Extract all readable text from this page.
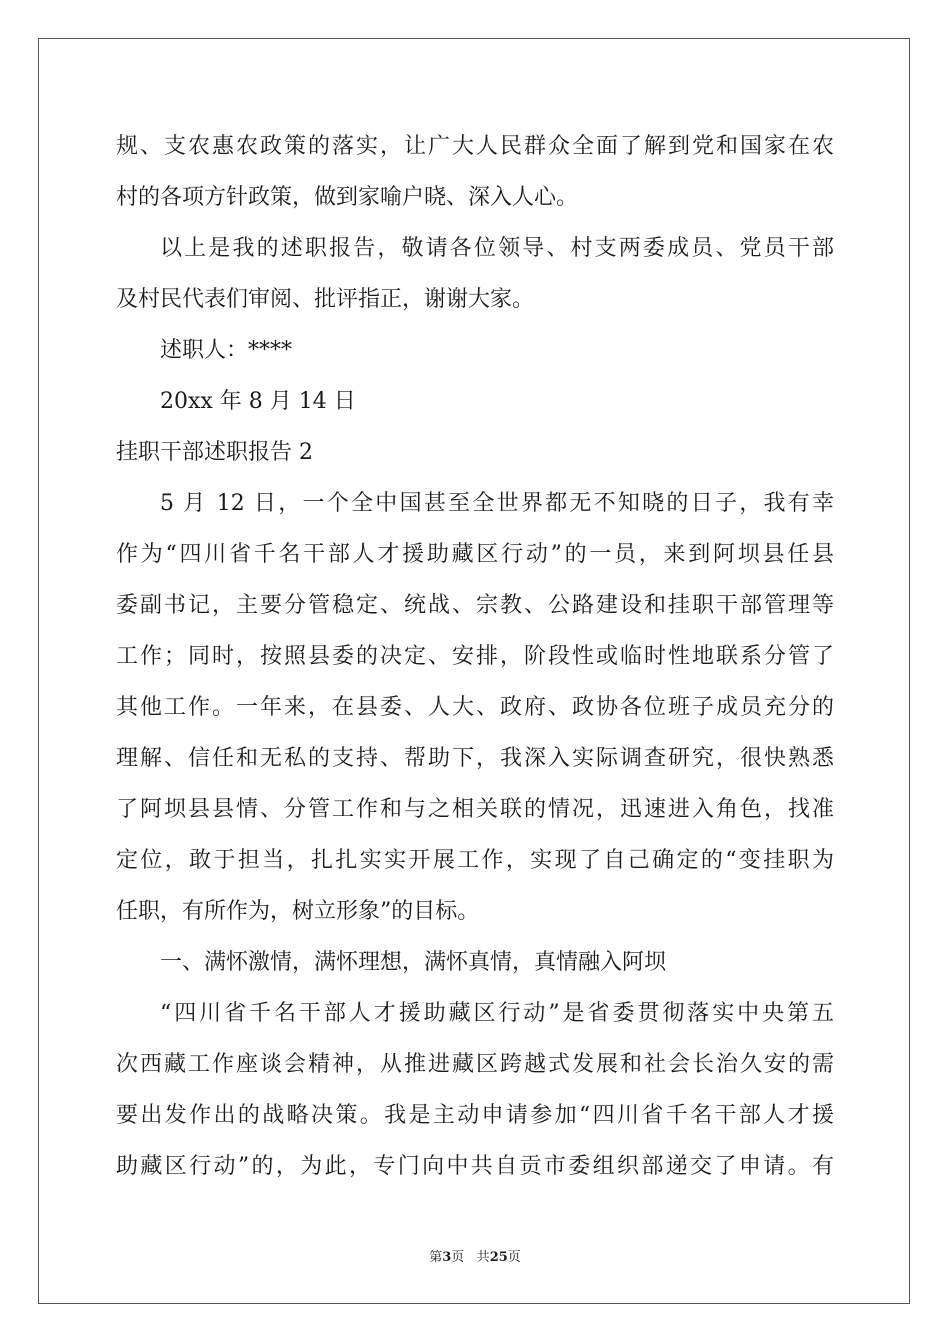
规、支农惠农政策的落实，让广大人民群众全面了解到党和国家在农
村的各项方针政策，做到家喻户晓、深入人心。
以上是我的述职报告，敬请各位领导、村支两委成员、党员干部
及村民代表们审阅、批评指正，谢谢大家。
述职人：****
20xx 年 8 月 14 日
挂职干部述职报告 2
5 月 12 日，一个全中国甚至全世界都无不知晓的日子，我有幸
作为“四川省千名干部人才援助藏区行动”的一员，来到阿坝县任县
委副书记，主要分管稳定、统战、宗教、公路建设和挂职干部管理等
工作；同时，按照县委的决定、安排，阶段性或临时性地联系分管了
其他工作。一年来，在县委、人大、政府、政协各位班子成员充分的
理解、信任和无私的支持、帮助下，我深入实际调查研究，很快熟悉
了阿坝县县情、分管工作和与之相关联的情况，迅速进入角色，找准
定位，敢于担当，扎扎实实开展工作，实现了自己确定的“变挂职为
任职，有所作为，树立形象”的目标。
一、满怀激情，满怀理想，满怀真情，真情融入阿坝
“四川省千名干部人才援助藏区行动”是省委贯彻落实中央第五
次西藏工作座谈会精神，从推进藏区跨越式发展和社会长治久安的需
要出发作出的战略决策。我是主动申请参加“四川省千名干部人才援
助藏区行动”的，为此，专门向中共自贡市委组织部递交了申请。有
第3页 共25页
